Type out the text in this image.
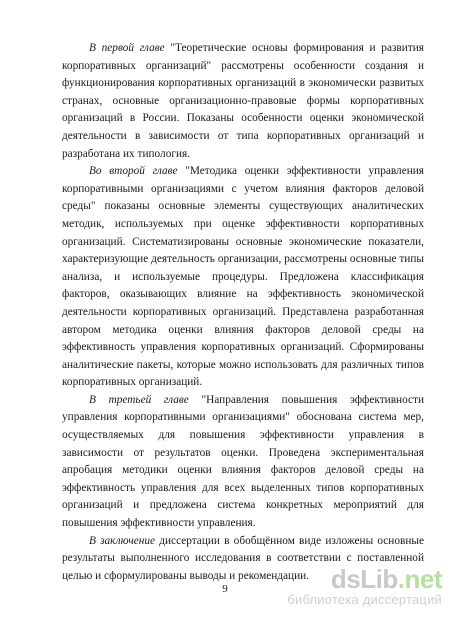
В первой главе "Теоретические основы формирования и развития корпоративных организаций" рассмотрены особенности создания и функционирования корпоративных организаций в экономически развитых странах, основные организационно-правовые формы корпоративных организаций в России. Показаны особенности оценки экономической деятельности в зависимости от типа корпоративных организаций и разработана их типология.

Во второй главе "Методика оценки эффективности управления корпоративными организациями с учетом влияния факторов деловой среды" показаны основные элементы существующих аналитических методик, используемых при оценке эффективности корпоративных организаций. Систематизированы основные экономические показатели, характеризующие деятельность организации, рассмотрены основные типы анализа, и используемые процедуры. Предложена классификация факторов, оказывающих влияние на эффективность экономической деятельности корпоративных организаций. Представлена разработанная автором методика оценки влияния факторов деловой среды на эффективность управления корпоративных организаций. Сформированы аналитические пакеты, которые можно использовать для различных типов корпоративных организаций.

В третьей главе "Направления повышения эффективности управления корпоративными организациями" обоснована система мер, осуществляемых для повышения эффективности управления в зависимости от результатов оценки. Проведена экспериментальная апробация методики оценки влияния факторов деловой среды на эффективность управления для всех выделенных типов корпоративных организаций и предложена система конкретных мероприятий для повышения эффективности управления.

В заключение диссертации в обобщённом виде изложены основные результаты выполненного исследования в соответствии с поставленной целью и сформулированы выводы и рекомендации.

9	dsLib.net
библиотека диссертаций
